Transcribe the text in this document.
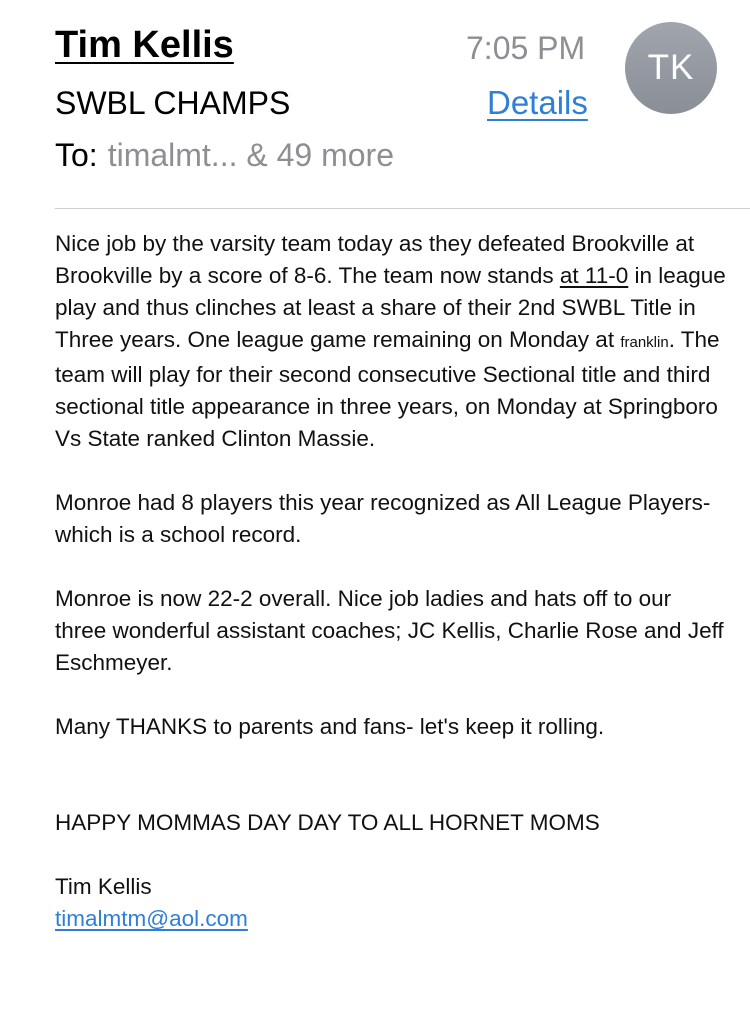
Tim Kellis	7:05 PM TK
SWBL CHAMPS	Details
To: timalmt... & 49 more

Nice job by the varsity team today as they defeated Brookville at Brookville by a score of 8-6. The team now stands at 11-0 in league play and thus clinches at least a share of their 2nd SWBL Title in Three years. One league game remaining on Monday at franklin. The team will play for their second consecutive Sectional title and third sectional title appearance in three years, on Monday at Springboro Vs State ranked Clinton Massie.

Monroe had 8 players this year recognized as All League Players-which is a school record.

Monroe is now 22-2 overall. Nice job ladies and hats off to our three wonderful assistant coaches; JC Kellis, Charlie Rose and Jeff Eschmeyer.

Many THANKS to parents and fans- let's keep it rolling.

HAPPY MOMMAS DAY DAY TO ALL HORNET MOMS

Tim Kellis

timalmtm@aol.com
